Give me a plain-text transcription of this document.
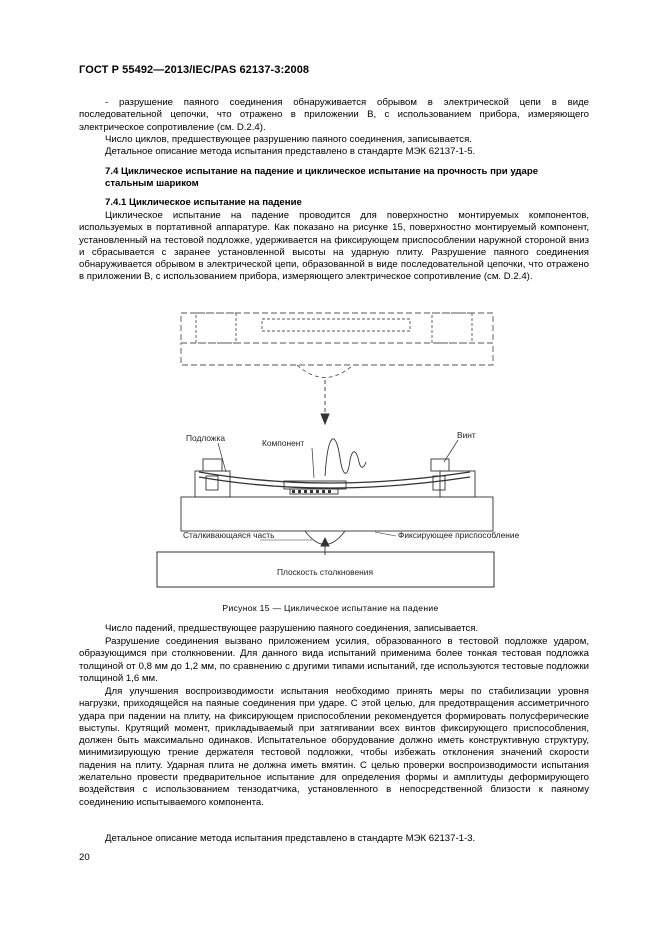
ГОСТ Р 55492—2013/IEC/PAS 62137-3:2008

- разрушение паяного соединения обнаруживается обрывом в электрической цепи в виде последовательной цепочки, что отражено в приложении В, с использованием прибора, измеряющего электрическое сопротивление (см. D.2.4).

Число циклов, предшествующее разрушению паяного соединения, записывается.

Детальное описание метода испытания представлено в стандарте МЭК 62137-1-5.

7.4 Циклическое испытание на падение и циклическое испытание на прочность при ударе стальным шариком

7.4.1 Циклическое испытание на падение

Циклическое испытание на падение проводится для поверхностно монтируемых компонентов, используемых в портативной аппаратуре. Как показано на рисунке 15, поверхностно монтируемый компонент, установленный на тестовой подложке, удерживается на фиксирующем приспособлении наружной стороной вниз и сбрасывается с заранее установленной высоты на ударную плиту. Разрушение паяного соединения обнаруживается обрывом в электрической цепи, образованной в виде последовательной цепочки, что отражено в приложении В, с использованием прибора, измеряющего электрическое сопротивление (см. D.2.4).

Подложка	Компонент
Винт
Сталкивающаяся часть	Фиксирующее приспособление
Плоскость столкновения
Рисунок 15 — Циклическое испытание на падение

Число падений, предшествующее разрушению паяного соединения, записывается.

Разрушение соединения вызвано приложением усилия, образованного в тестовой подложке ударом, образующимся при столкновении. Для данного вида испытаний применима более тонкая тестовая подложка толщиной от 0,8 мм до 1,2 мм, по сравнению с другими типами испытаний, где используются тестовые подложки толщиной 1,6 мм.

Для улучшения воспроизводимости испытания необходимо принять меры по стабилизации уровня нагрузки, приходящейся на паяные соединения при ударе. С этой целью, для предотвращения ассиметричного удара при падении на плиту, на фиксирующем приспособлении рекомендуется формировать полусферические выступы. Крутящий момент, прикладываемый при затягивании всех винтов фиксирующего приспособления, должен быть максимально одинаков. Испытательное оборудование должно иметь конструктивную структуру, минимизирующую трение держателя тестовой подложки, чтобы избежать отклонения значений скорости падения на плиту. Ударная плита не должна иметь вмятин. С целью проверки воспроизводимости испытания желательно провести предварительное испытание для определения формы и амплитуды деформирующего воздействия с использованием тензодатчика, установленного в непосредственной близости к паяному соединению испытываемого компонента.

Детальное описание метода испытания представлено в стандарте МЭК 62137-1-3.

20
